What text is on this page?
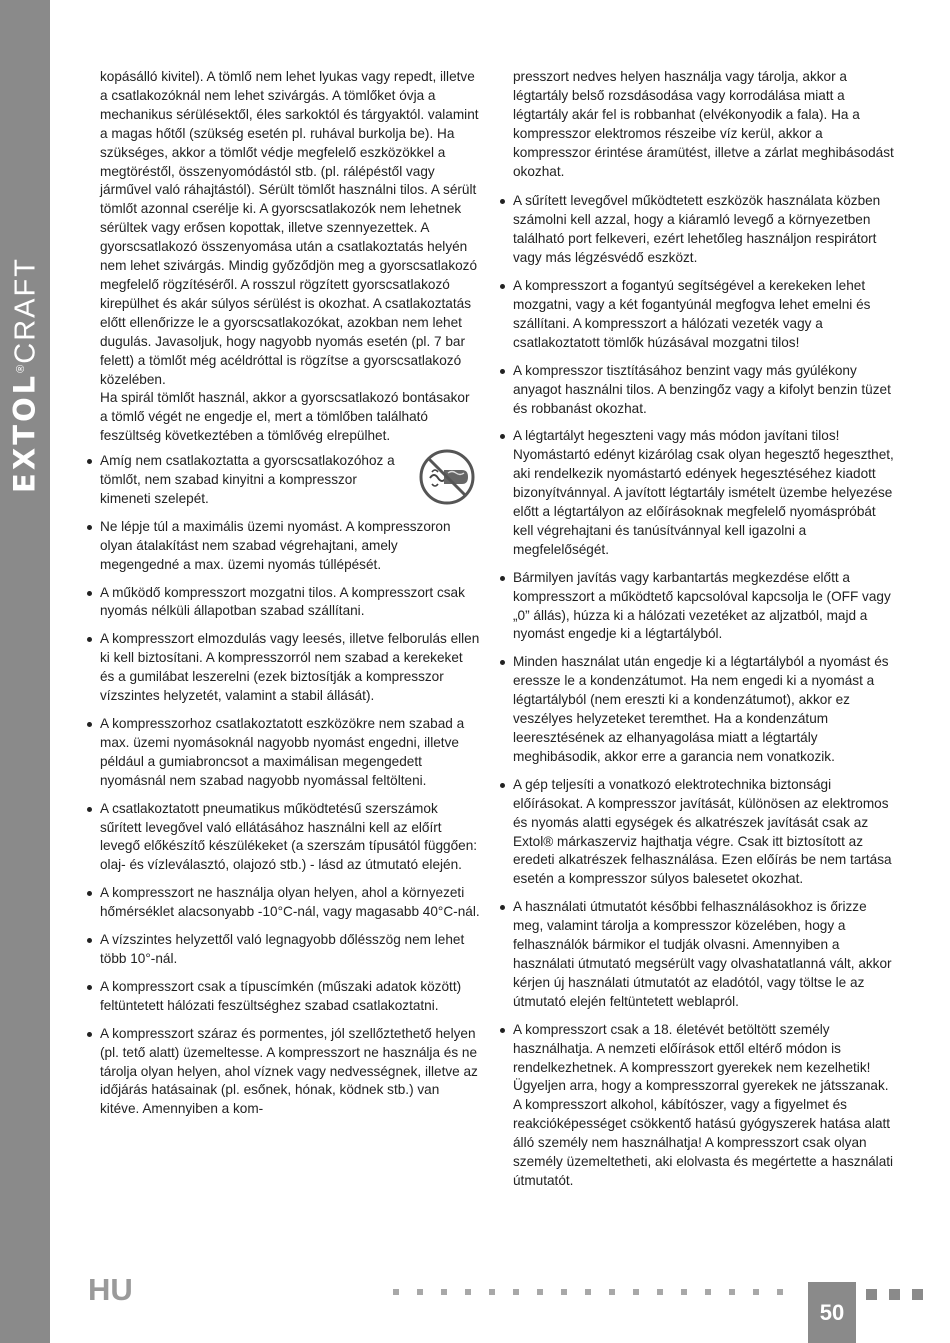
EXTOL®CRAFT

kopásálló kivitel). A tömlő nem lehet lyukas vagy repedt, illetve a csatlakozóknál nem lehet szivárgás. A tömlőket óvja a mechanikus sérülésektől, éles sarkoktól és tárgyaktól. valamint a magas hőtől (szükség esetén pl. ruhával burkolja be). Ha szükséges, akkor a tömlőt védje megfelelő eszközökkel a megtöréstől, összenyomódástól stb. (pl. rálépéstől vagy járművel való ráhajtástól). Sérült tömlőt használni tilos. A sérült tömlőt azonnal cserélje ki. A gyorscsatlakozók nem lehetnek sérültek vagy erősen kopottak, illetve szennyezettek. A gyorscsatlakozó összenyomása után a csatlakoztatás helyén nem lehet szivárgás. Mindig győződjön meg a gyorscsatlakozó megfelelő rögzítéséről. A rosszul rögzített gyorscsatlakozó kirepülhet és akár súlyos sérülést is okozhat. A csatlakoztatás előtt ellenőrizze le a gyorscsatlakozókat, azokban nem lehet dugulás. Javasoljuk, hogy nagyobb nyomás esetén (pl. 7 bar felett) a tömlőt még acéldróttal is rögzítse a gyorscsatlakozó közelében.

Ha spirál tömlőt használ, akkor a gyorscsatlakozó bontásakor a tömlő végét ne engedje el, mert a tömlőben található feszültség következtében a tömlővég elrepülhet.

Amíg nem csatlakoztatta a gyorscsatlakozóhoz a tömlőt, nem szabad kinyitni a kompresszor kimeneti szelepét.
Ne lépje túl a maximális üzemi nyomást. A kompresszoron olyan átalakítást nem szabad végrehajtani, amely megengedné a max. üzemi nyomás túllépését.
A működő kompresszort mozgatni tilos. A kompresszort csak nyomás nélküli állapotban szabad szállítani.
A kompresszort elmozdulás vagy leesés, illetve felborulás ellen ki kell biztosítani. A kompresszorról nem szabad a kerekeket és a gumilábat leszerelni (ezek biztosítják a kompresszor vízszintes helyzetét, valamint a stabil állását).
A kompresszorhoz csatlakoztatott eszközökre nem szabad a max. üzemi nyomásoknál nagyobb nyomást engedni, illetve például a gumiabroncsot a maximálisan megengedett nyomásnál nem szabad nagyobb nyomással feltölteni.
A csatlakoztatott pneumatikus működtetésű szerszámok sűrített levegővel való ellátásához használni kell az előírt levegő előkészítő készülékeket (a szerszám típusától függően: olaj- és vízleválasztó, olajozó stb.) - lásd az útmutató elején.
A kompresszort ne használja olyan helyen, ahol a környezeti hőmérséklet alacsonyabb -10°C-nál, vagy magasabb 40°C-nál.
A vízszintes helyzettől való legnagyobb dőlésszög nem lehet több 10°-nál.
A kompresszort csak a típuscímkén (műszaki adatok között) feltüntetett hálózati feszültséghez szabad csatlakoztatni.
A kompresszort száraz és pormentes, jól szellőztethető helyen (pl. tető alatt) üzemeltesse. A kompresszort ne használja és ne tárolja olyan helyen, ahol víznek vagy nedvességnek, illetve az időjárás hatásainak (pl. esőnek, hónak, ködnek stb.) van kitéve. Amennyiben a kom-

presszort nedves helyen használja vagy tárolja, akkor a légtartály belső rozsdásodása vagy korrodálása miatt a légtartály akár fel is robbanhat (elvékonyodik a fala). Ha a kompresszor elektromos részeibe víz kerül, akkor a kompresszor érintése áramütést, illetve a zárlat meghibásodást okozhat.

A sűrített levegővel működtetett eszközök használata közben számolni kell azzal, hogy a kiáramló levegő a környezetben található port felkeveri, ezért lehetőleg használjon respirátort vagy más légzésvédő eszközt.
A kompresszort a fogantyú segítségével a kerekeken lehet mozgatni, vagy a két fogantyúnál megfogva lehet emelni és szállítani. A kompresszort a hálózati vezeték vagy a csatlakoztatott tömlők húzásával mozgatni tilos!
A kompresszor tisztításához benzint vagy más gyúlékony anyagot használni tilos. A benzingőz vagy a kifolyt benzin tüzet és robbanást okozhat.
A légtartályt hegeszteni vagy más módon javítani tilos! Nyomástartó edényt kizárólag csak olyan hegesztő hegeszthet, aki rendelkezik nyomástartó edények hegesztéséhez kiadott bizonyítvánnyal. A javított légtartály ismételt üzembe helyezése előtt a légtartályon az előírásoknak megfelelő nyomáspróbát kell végrehajtani és tanúsítvánnyal kell igazolni a megfelelőségét.
Bármilyen javítás vagy karbantartás megkezdése előtt a kompresszort a működtető kapcsolóval kapcsolja le (OFF vagy „0” állás), húzza ki a hálózati vezetéket az aljzatból, majd a nyomást engedje ki a légtartályból.
Minden használat után engedje ki a légtartályból a nyomást és eressze le a kondenzátumot. Ha nem engedi ki a nyomást a légtartályból (nem ereszti ki a kondenzátumot), akkor ez veszélyes helyzeteket teremthet. Ha a kondenzátum leeresztésének az elhanyagolása miatt a légtartály meghibásodik, akkor erre a garancia nem vonatkozik.
A gép teljesíti a vonatkozó elektrotechnika biztonsági előírásokat. A kompresszor javítását, különösen az elektromos és nyomás alatti egységek és alkatrészek javítását csak az Extol® márkaszerviz hajthatja végre. Csak itt biztosított az eredeti alkatrészek felhasználása. Ezen előírás be nem tartása esetén a kompresszor súlyos balesetet okozhat.
A használati útmutatót későbbi felhasználásokhoz is őrizze meg, valamint tárolja a kompresszor közelében, hogy a felhasználók bármikor el tudják olvasni. Amennyiben a használati útmutató megsérült vagy olvashatatlanná vált, akkor kérjen új használati útmutatót az eladótól, vagy töltse le az útmutató elején feltüntetett weblapról.
A kompresszort csak a 18. életévét betöltött személy használhatja. A nemzeti előírások ettől eltérő módon is rendelkezhetnek. A kompresszort gyerekek nem kezelhetik! Ügyeljen arra, hogy a kompresszorral gyerekek ne játsszanak. A kompresszort alkohol, kábítószer, vagy a figyelmet és reakcióképességet csökkentő hatású gyógyszerek hatása alatt álló személy nem használhatja! A kompresszort csak olyan személy üzemeltetheti, aki elolvasta és megértette a használati útmutatót.
HU
50
